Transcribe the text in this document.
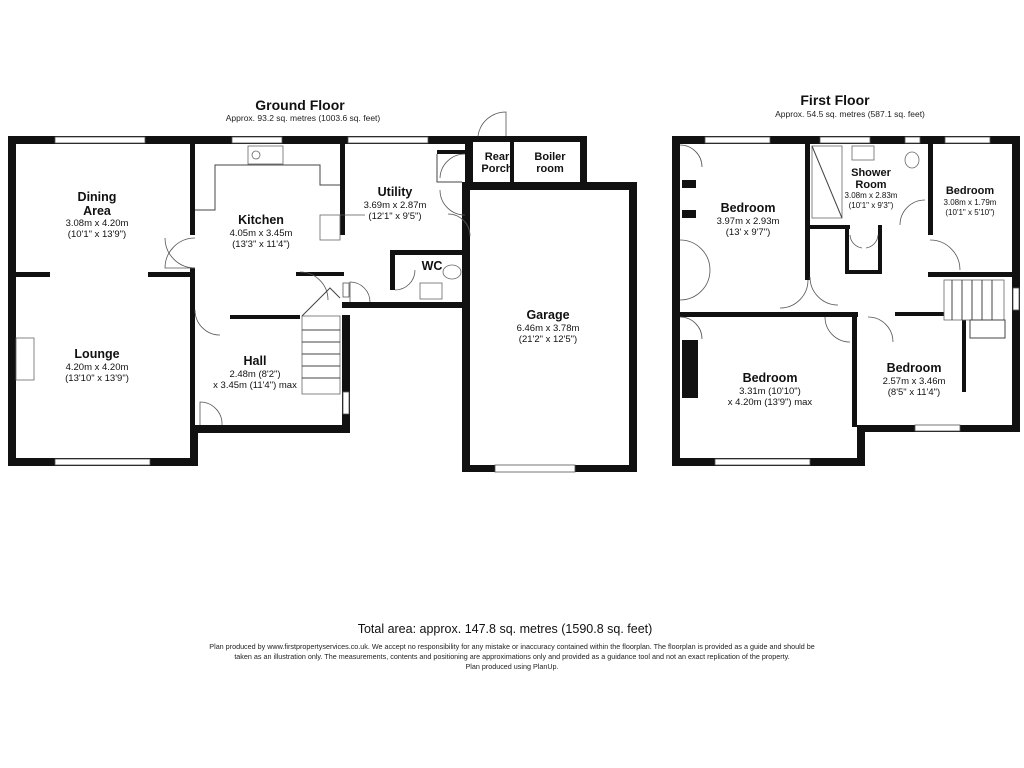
Ground Floor
Approx. 93.2 sq. metres (1003.6 sq. feet)
Dining
Area
3.08m x 4.20m
(10'1" x 13'9")
Lounge
4.20m x 4.20m
(13'10" x 13'9")
Kitchen
4.05m x 3.45m
(13'3" x 11'4")
Hall
2.48m (8'2")
x 3.45m (11'4") max
Utility
3.69m x 2.87m
(12'1" x 9'5")
WC
Rear
Porch
Boiler
room
Garage
6.46m x 3.78m
(21'2" x 12'5")
First Floor
Approx. 54.5 sq. metres (587.1 sq. feet)
Bedroom
3.97m x 2.93m
(13' x 9'7")
Shower
Room
3.08m x 2.83m
(10'1" x 9'3")
Bedroom
3.08m x 1.79m
(10'1" x 5'10")
Bedroom
3.31m (10'10")
x 4.20m (13'9") max
Bedroom
2.57m x 3.46m
(8'5" x 11'4")
Total area: approx. 147.8 sq. metres (1590.8 sq. feet)
Plan produced by www.firstpropertyservices.co.uk. We accept no responsibility for any mistake or inaccuracy contained within the floorplan. The floorplan is provided as a guide and should be
taken as an illustration only. The measurements, contents and positioning are approximations only and provided as a guidance tool and not an exact replication of the property.
Plan produced using PlanUp.
